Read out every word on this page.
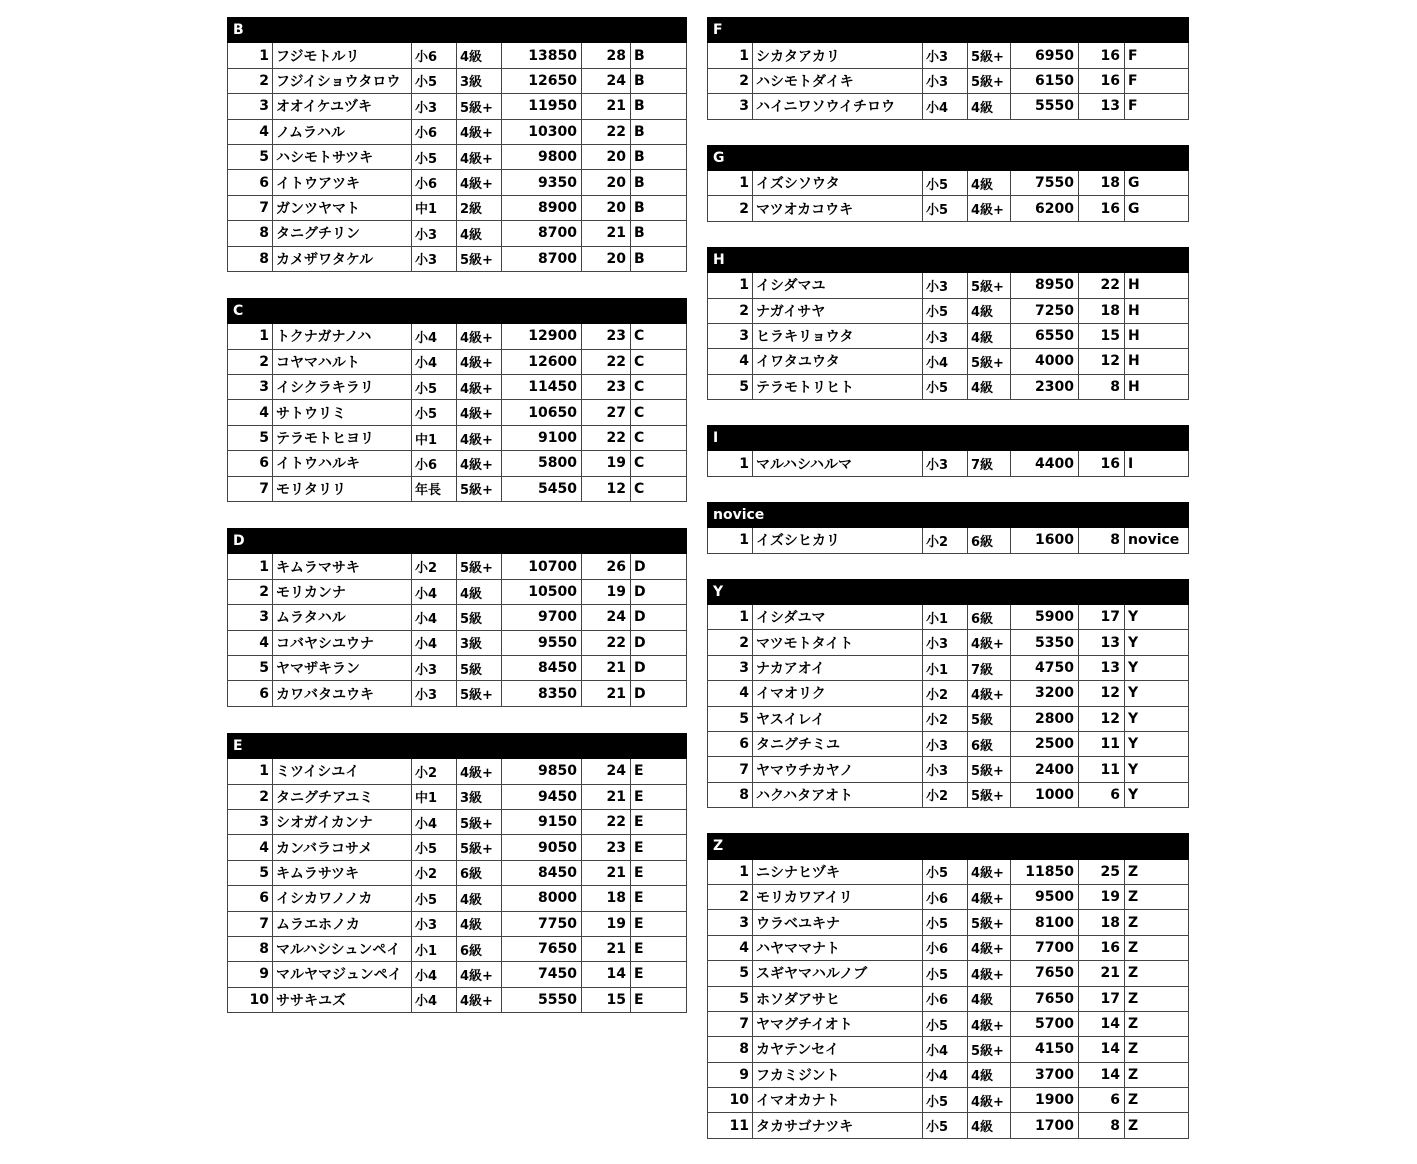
B						
1	フジモトルリ	小6	4級	13850	28	B
2	フジイショウタロウ	小5	3級	12650	24	B
3	オオイケユヅキ	小3	5級+	11950	21	B
4	ノムラハル	小6	4級+	10300	22	B
5	ハシモトサツキ	小5	4級+	9800	20	B
6	イトウアツキ	小6	4級+	9350	20	B
7	ガンツヤマト	中1	2級	8900	20	B
8	タニグチリン	小3	4級	8700	21	B
8	カメザワタケル	小3	5級+	8700	20	B
C						
1	トクナガナノハ	小4	4級+	12900	23	C
2	コヤマハルト	小4	4級+	12600	22	C
3	イシクラキラリ	小5	4級+	11450	23	C
4	サトウリミ	小5	4級+	10650	27	C
5	テラモトヒヨリ	中1	4級+	9100	22	C
6	イトウハルキ	小6	4級+	5800	19	C
7	モリタリリ	年長	5級+	5450	12	C
D						
1	キムラマサキ	小2	5級+	10700	26	D
2	モリカンナ	小4	4級	10500	19	D
3	ムラタハル	小4	5級	9700	24	D
4	コバヤシユウナ	小4	3級	9550	22	D
5	ヤマザキラン	小3	5級	8450	21	D
6	カワバタユウキ	小3	5級+	8350	21	D
E						
1	ミツイシユイ	小2	4級+	9850	24	E
2	タニグチアユミ	中1	3級	9450	21	E
3	シオガイカンナ	小4	5級+	9150	22	E
4	カンバラコサメ	小5	5級+	9050	23	E
5	キムラサツキ	小2	6級	8450	21	E
6	イシカワノノカ	小5	4級	8000	18	E
7	ムラエホノカ	小3	4級	7750	19	E
8	マルハシシュンペイ	小1	6級	7650	21	E
9	マルヤマジュンペイ	小4	4級+	7450	14	E
10	ササキユズ	小4	4級+	5550	15	E
F						
1	シカタアカリ	小3	5級+	6950	16	F
2	ハシモトダイキ	小3	5級+	6150	16	F
3	ハイニワソウイチロウ	小4	4級	5550	13	F
G						
1	イズシソウタ	小5	4級	7550	18	G
2	マツオカコウキ	小5	4級+	6200	16	G
H						
1	イシダマユ	小3	5級+	8950	22	H
2	ナガイサヤ	小5	4級	7250	18	H
3	ヒラキリョウタ	小3	4級	6550	15	H
4	イワタユウタ	小4	5級+	4000	12	H
5	テラモトリヒト	小5	4級	2300	8	H
I
1	マルハシハルマ	小3	7級	4400	16	I
novice
1	イズシヒカリ	小2	6級	1600	8	novice
Y						
1	イシダユマ	小1	6級	5900	17	Y
2	マツモトタイト	小3	4級+	5350	13	Y
3	ナカアオイ	小1	7級	4750	13	Y
4	イマオリク	小2	4級+	3200	12	Y
5	ヤスイレイ	小2	5級	2800	12	Y
6	タニグチミユ	小3	6級	2500	11	Y
7	ヤマウチカヤノ	小3	5級+	2400	11	Y
8	ハクハタアオト	小2	5級+	1000	6	Y
Z						
1	ニシナヒヅキ	小5	4級+	11850	25	Z
2	モリカワアイリ	小6	4級+	9500	19	Z
3	ウラベユキナ	小5	5級+	8100	18	Z
4	ハヤママナト	小6	4級+	7700	16	Z
5	スギヤマハルノブ	小5	4級+	7650	21	Z
5	ホソダアサヒ	小6	4級	7650	17	Z
7	ヤマグチイオト	小5	4級+	5700	14	Z
8	カヤテンセイ	小4	5級+	4150	14	Z
9	フカミジント	小4	4級	3700	14	Z
10	イマオカナト	小5	4級+	1900	6	Z
11	タカサゴナツキ	小5	4級	1700	8	Z
